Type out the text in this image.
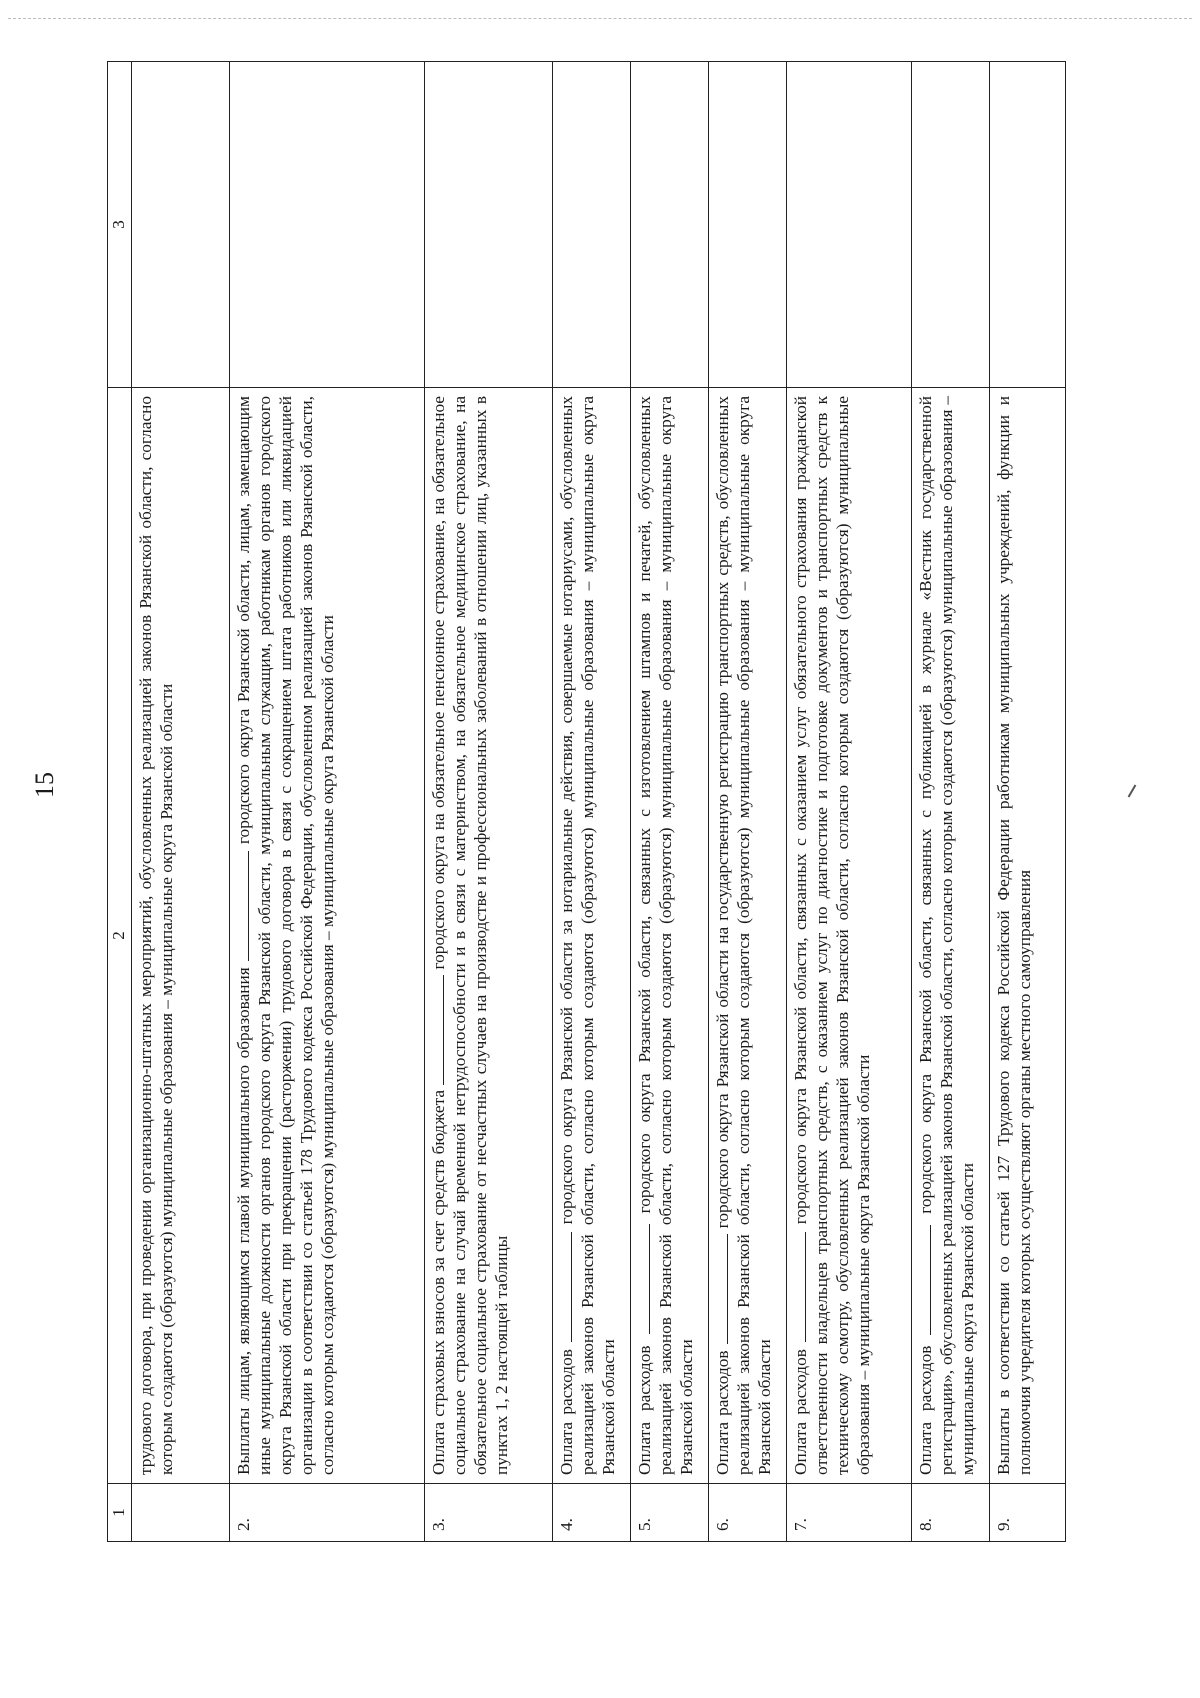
15
1	2	3
	трудового договора, при проведении организационно-штатных мероприятий, обусловленных реализацией законов Рязанской области, согласно которым создаются (образуются) муниципальные образования – муниципальные округа Рязанской области	
2.	Выплаты лицам, являющимся главой муниципального образования  городского округа Рязанской области, лицам, замещающим иные муниципальные должности органов городского округа Рязанской области, муниципальным служащим, работникам органов городского округа Рязанской области при прекращении (расторжении) трудового договора в связи с сокращением штата работников или ликвидацией организации в соответствии со статьей 178 Трудового кодекса Российской Федерации, обусловленном реализацией законов Рязанской области, согласно которым создаются (образуются) муниципальные образования – муниципальные округа Рязанской области	
3.	Оплата страховых взносов за счет средств бюджета  городского округа на обязательное пенсионное страхование, на обязательное социальное страхование на случай временной нетрудоспособности и в связи с материнством, на обязательное медицинское страхование, на обязательное социальное страхование от несчастных случаев на производстве и профессиональных заболеваний в отношении лиц, указанных в пунктах 1, 2 настоящей таблицы	
4.	Оплата расходов  городского округа Рязанской области за нотариальные действия, совершаемые нотариусами, обусловленных реализацией законов Рязанской области, согласно которым создаются (образуются) муниципальные образования – муниципальные округа Рязанской области	
5.	Оплата расходов  городского округа Рязанской области, связанных с изготовлением штампов и печатей, обусловленных реализацией законов Рязанской области, согласно которым создаются (образуются) муниципальные образования – муниципальные округа Рязанской области	
6.	Оплата расходов  городского округа Рязанской области на государственную регистрацию транспортных средств, обусловленных реализацией законов Рязанской области, согласно которым создаются (образуются) муниципальные образования – муниципальные округа Рязанской области	
7.	Оплата расходов  городского округа Рязанской области, связанных с оказанием услуг обязательного страхования гражданской ответственности владельцев транспортных средств, с оказанием услуг по диагностике и подготовке документов и транспортных средств к техническому осмотру, обусловленных реализацией законов Рязанской области, согласно которым создаются (образуются) муниципальные образования – муниципальные округа Рязанской области	
8.	Оплата расходов  городского округа Рязанской области, связанных с публикацией в журнале «Вестник государственной регистрации», обусловленных реализацией законов Рязанской области, согласно которым создаются (образуются) муниципальные образования – муниципальные округа Рязанской области	
9.	Выплаты в соответствии со статьей 127 Трудового кодекса Российской Федерации работникам муниципальных учреждений, функции и полномочия учредителя которых осуществляют органы местного самоуправления	
